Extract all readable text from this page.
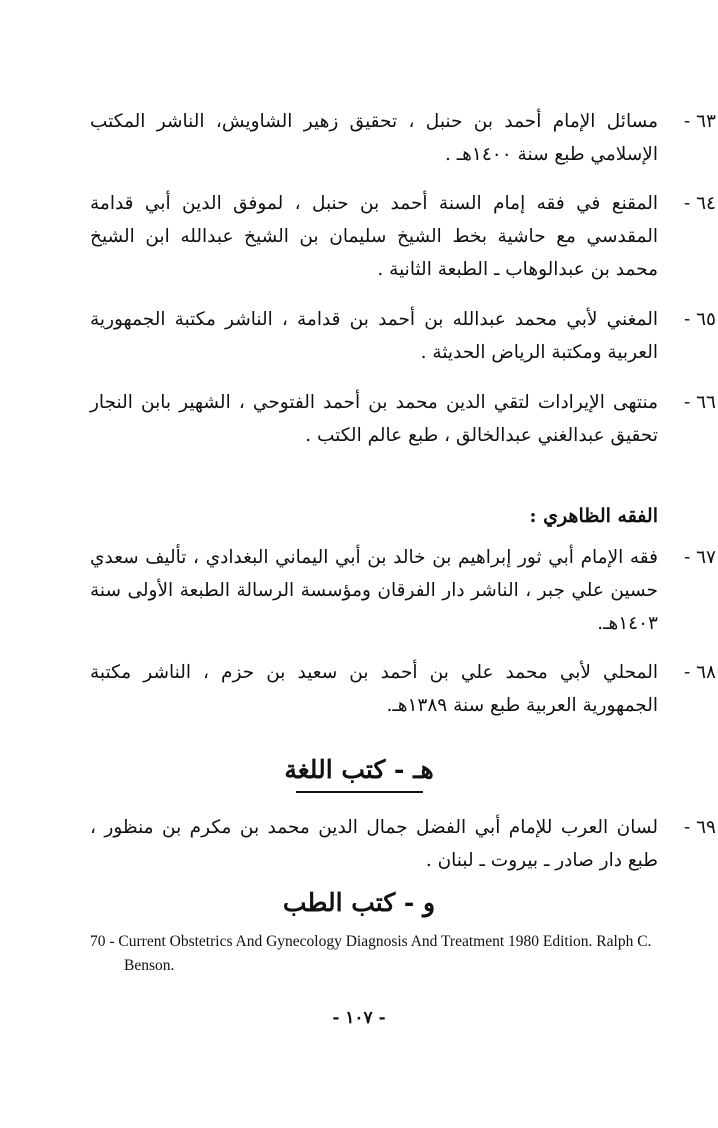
٦٣ -
مسائل الإمام أحمد بن حنبل ، تحقيق زهير الشاويش، الناشر المكتب الإسلامي طبع سنة ١٤٠٠هـ .
٦٤ -
المقنع في فقه إمام السنة أحمد بن حنبل ، لموفق الدين أبي قدامة المقدسي مع حاشية بخط الشيخ سليمان بن الشيخ عبدالله ابن الشيخ محمد بن عبدالوهاب ـ الطبعة الثانية .
٦٥ -
المغني لأبي محمد عبدالله بن أحمد بن قدامة ، الناشر مكتبة الجمهورية العربية ومكتبة الرياض الحديثة .
٦٦ -
منتهى الإيرادات لتقي الدين محمد بن أحمد الفتوحي ، الشهير بابن النجار تحقيق عبدالغني عبدالخالق ، طبع عالم الكتب .
الفقه الظاهري :
٦٧ -
فقه الإمام أبي ثور إبراهيم بن خالد بن أبي اليماني البغدادي ، تأليف سعدي حسين علي جبر ، الناشر دار الفرقان ومؤسسة الرسالة الطبعة الأولى سنة ١٤٠٣هـ.
٦٨ -
المحلي لأبي محمد علي بن أحمد بن سعيد بن حزم ، الناشر مكتبة الجمهورية العربية طبع سنة ١٣٨٩هـ.
هـ - كتب اللغة
٦٩ -
لسان العرب للإمام أبي الفضل جمال الدين محمد بن مكرم بن منظور ، طبع دار صادر ـ بيروت ـ لبنان .
و - كتب الطب
70 - Current Obstetrics And Gynecology Diagnosis And Treatment 1980 Edition. Ralph C. Benson.
- ١٠٧ -
